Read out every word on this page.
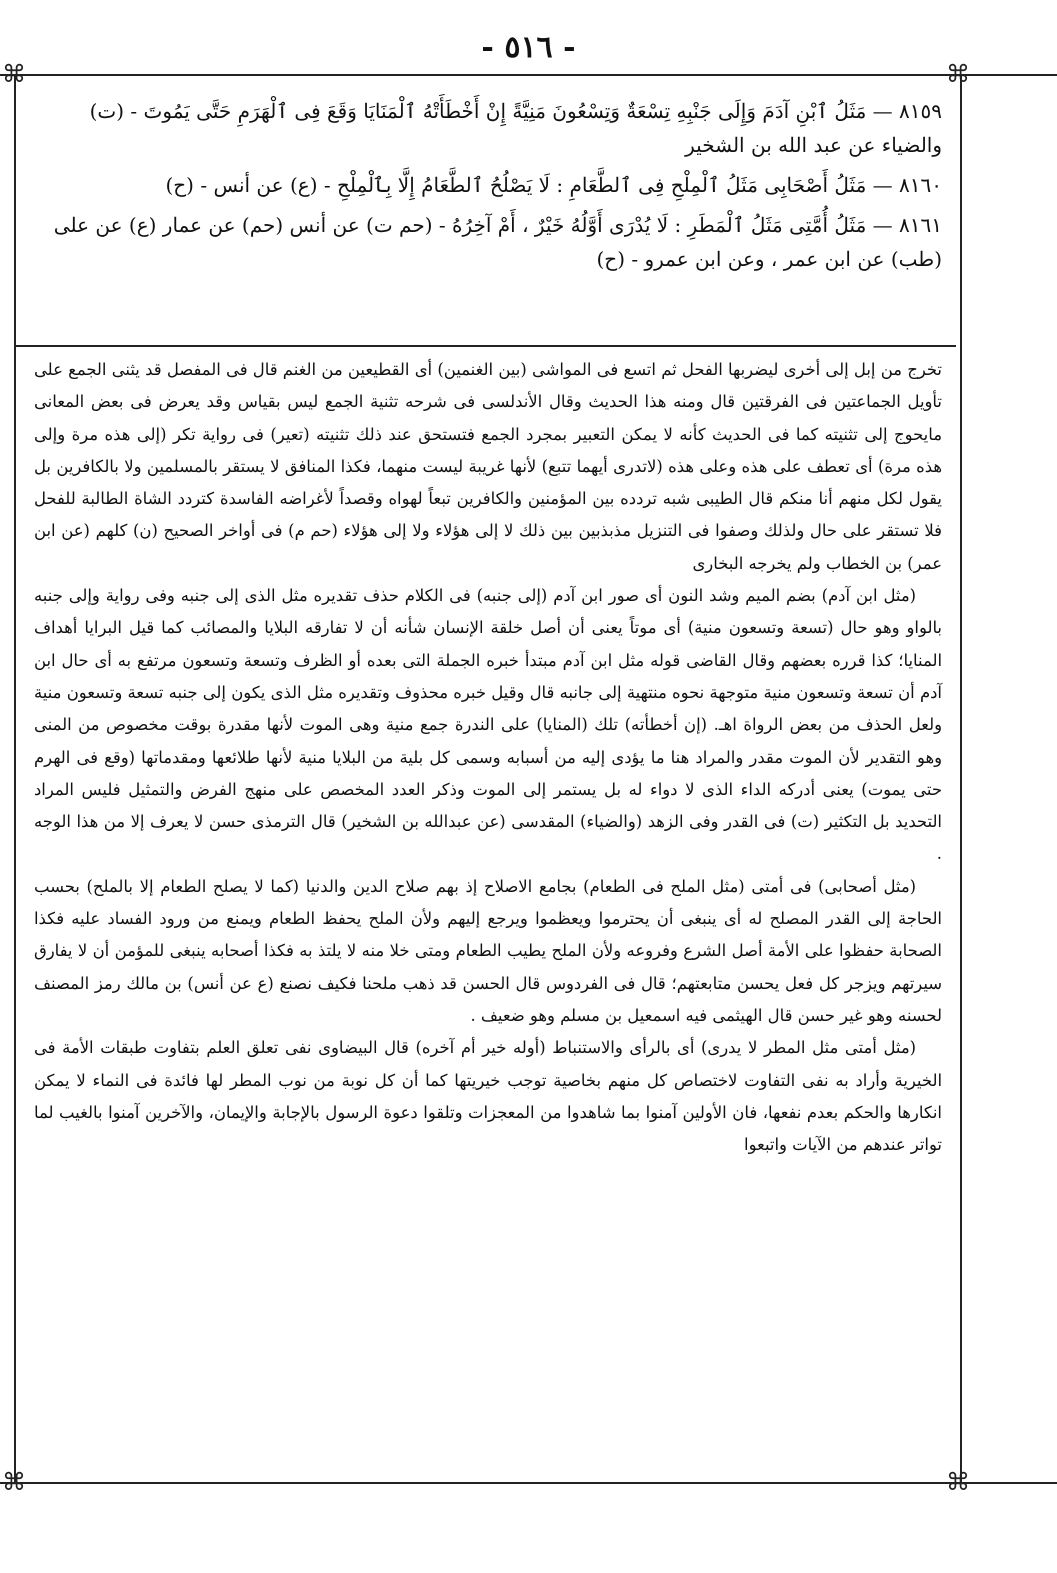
- ٥١٦ -
⌘	⌘
⌘	⌘

٨١٥٩ — مَثَلُ ٱبْنِ آدَمَ وَإِلَى جَنْبِهِ تِسْعَةٌ وَتِسْعُونَ مَنِيَّةً إِنْ أَخْطَأَتْهُ ٱلْمَنَايَا وَقَعَ فِى ٱلْهَرَمِ حَتَّى يَمُوتَ - (ت) والضياء عن عبد الله بن الشخير

٨١٦٠ — مَثَلُ أَصْحَابِى مَثَلُ ٱلْمِلْحِ فِى ٱلطَّعَامِ : لَا يَصْلُحُ ٱلطَّعَامُ إِلَّا بِٱلْمِلْحِ - (ع) عن أنس - (ح)

٨١٦١ — مَثَلُ أُمَّتِى مَثَلُ ٱلْمَطَرِ : لَا يُدْرَى أَوَّلُهُ خَيْرٌ ، أَمْ آخِرُهُ - (حم ت) عن أنس (حم) عن عمار (ع) عن على (طب) عن ابن عمر ، وعن ابن عمرو - (ح)

تخرج من إبل إلى أخرى ليضربها الفحل ثم اتسع فى المواشى (بين الغنمين) أى القطيعين من الغنم قال فى المفصل قد يثنى الجمع على تأويل الجماعتين فى الفرقتين قال ومنه هذا الحديث وقال الأندلسى فى شرحه تثنية الجمع ليس بقياس وقد يعرض فى بعض المعانى مايحوج إلى تثنيته كما فى الحديث كأنه لا يمكن التعبير بمجرد الجمع فتستحق عند ذلك تثنيته (تعير) فى رواية تكر (إلى هذه مرة وإلى هذه مرة) أى تعطف على هذه وعلى هذه (لاتدرى أيهما تتبع) لأنها غريبة ليست منهما، فكذا المنافق لا يستقر بالمسلمين ولا بالكافرين بل يقول لكل منهم أنا منكم قال الطيبى شبه تردده بين المؤمنين والكافرين تبعاً لهواه وقصداً لأغراضه الفاسدة كتردد الشاة الطالبة للفحل فلا تستقر على حال ولذلك وصفوا فى التنزيل مذبذبين بين ذلك لا إلى هؤلاء ولا إلى هؤلاء (حم م) فى أواخر الصحيح (ن) كلهم (عن ابن عمر) بن الخطاب ولم يخرجه البخارى

(مثل ابن آدم) بضم الميم وشد النون أى صور ابن آدم (إلى جنبه) فى الكلام حذف تقديره مثل الذى إلى جنبه وفى رواية وإلى جنبه بالواو وهو حال (تسعة وتسعون منية) أى موتاً يعنى أن أصل خلقة الإنسان شأنه أن لا تفارقه البلايا والمصائب كما قيل البرايا أهداف المنايا؛ كذا قرره بعضهم وقال القاضى قوله مثل ابن آدم مبتدأ خبره الجملة التى بعده أو الظرف وتسعة وتسعون مرتفع به أى حال ابن آدم أن تسعة وتسعون منية متوجهة نحوه منتهية إلى جانبه قال وقيل خبره محذوف وتقديره مثل الذى يكون إلى جنبه تسعة وتسعون منية ولعل الحذف من بعض الرواة اهـ. (إن أخطأته) تلك (المنايا) على الندرة جمع منية وهى الموت لأنها مقدرة بوقت مخصوص من المنى وهو التقدير لأن الموت مقدر والمراد هنا ما يؤدى إليه من أسبابه وسمى كل بلية من البلايا منية لأنها طلائعها ومقدماتها (وقع فى الهرم حتى يموت) يعنى أدركه الداء الذى لا دواء له بل يستمر إلى الموت وذكر العدد المخصص على منهج الفرض والتمثيل فليس المراد التحديد بل التكثير (ت) فى القدر وفى الزهد (والضياء) المقدسى (عن عبدالله بن الشخير) قال الترمذى حسن لا يعرف إلا من هذا الوجه .

(مثل أصحابى) فى أمتى (مثل الملح فى الطعام) بجامع الاصلاح إذ بهم صلاح الدين والدنيا (كما لا يصلح الطعام إلا بالملح) بحسب الحاجة إلى القدر المصلح له أى ينبغى أن يحترموا ويعظموا ويرجع إليهم ولأن الملح يحفظ الطعام ويمنع من ورود الفساد عليه فكذا الصحابة حفظوا على الأمة أصل الشرع وفروعه ولأن الملح يطيب الطعام ومتى خلا منه لا يلتذ به فكذا أصحابه ينبغى للمؤمن أن لا يفارق سيرتهم ويزجر كل فعل يحسن متابعتهم؛ قال فى الفردوس قال الحسن قد ذهب ملحنا فكيف نصنع (ع عن أنس) بن مالك رمز المصنف لحسنه وهو غير حسن قال الهيثمى فيه اسمعيل بن مسلم وهو ضعيف .

(مثل أمتى مثل المطر لا يدرى) أى بالرأى والاستنباط (أوله خير أم آخره) قال البيضاوى نفى تعلق العلم بتفاوت طبقات الأمة فى الخيرية وأراد به نفى التفاوت لاختصاص كل منهم بخاصية توجب خيريتها كما أن كل نوبة من نوب المطر لها فائدة فى النماء لا يمكن انكارها والحكم بعدم نفعها، فان الأولين آمنوا بما شاهدوا من المعجزات وتلقوا دعوة الرسول بالإجابة والإيمان، والآخرين آمنوا بالغيب لما تواتر عندهم من الآيات واتبعوا
